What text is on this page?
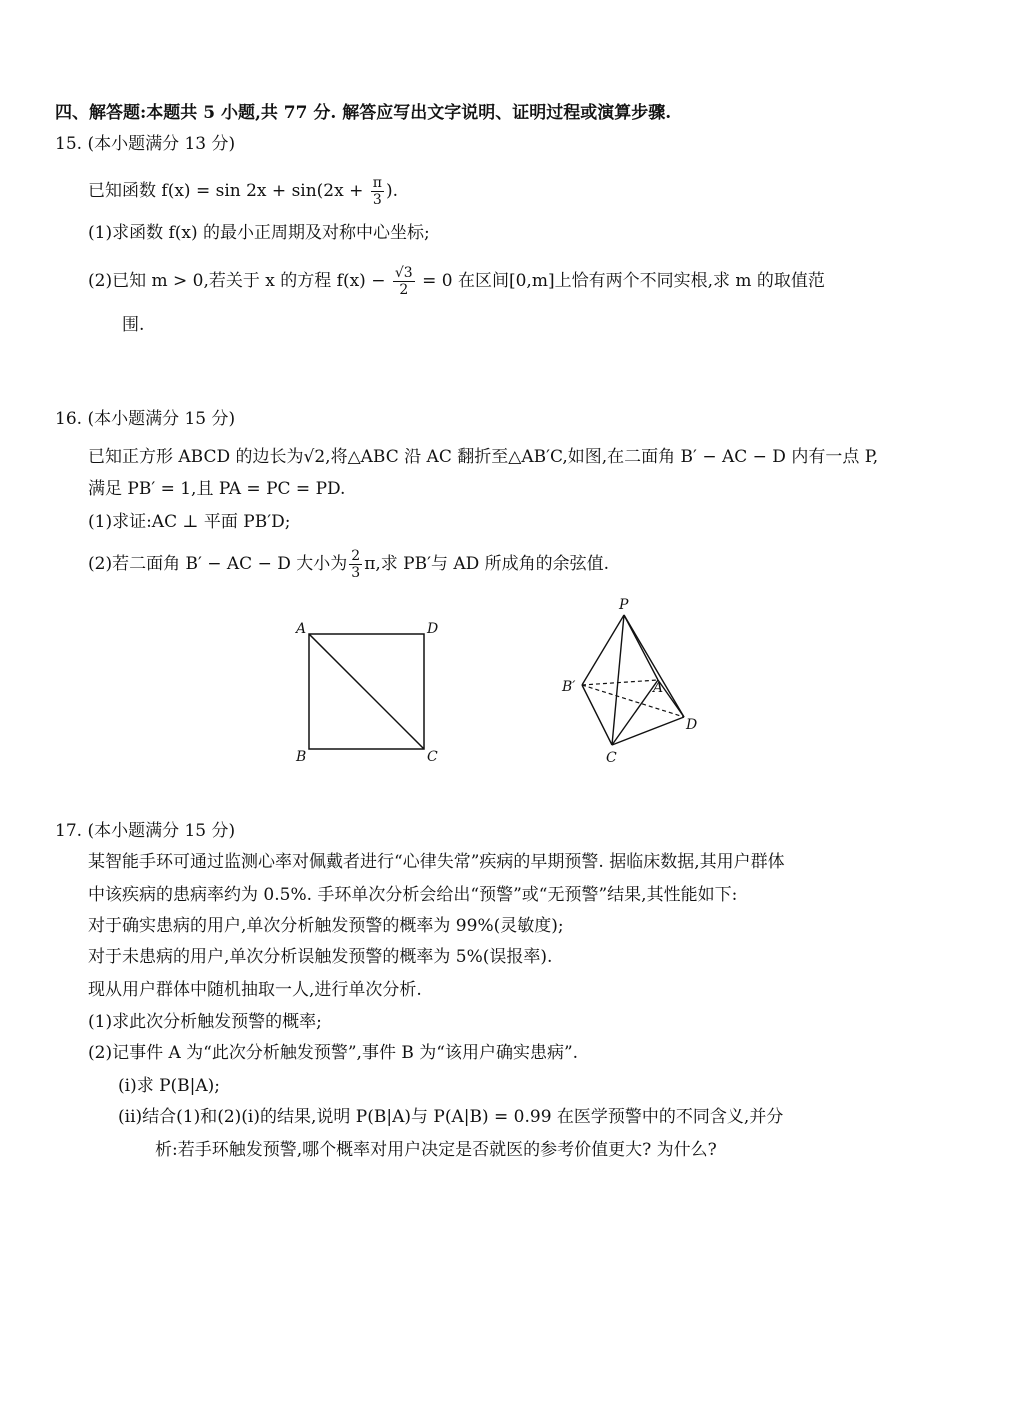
四、解答题:本题共 5 小题,共 77 分. 解答应写出文字说明、证明过程或演算步骤.
15. (本小题满分 13 分)
已知函数 $f(x) = \sin 2x + \sin(2x + \frac{\pi}{3}$ ).
(1)求函数 f(x) 的最小正周期及对称中心坐标;
(2)已知 m > 0,若关于 x 的方程 $f(x) - \frac{√3}{2} = 0$ 在区间[0,m]上恰有两个不同实根,求 m 的取值范
围.
16. (本小题满分 15 分)
已知正方形 ABCD 的边长为√2,将△ABC 沿 AC 翻折至△AB′C,如图,在二面角 B′ − AC − D 内有一点 P,
满足 PB′ = 1,且 PA = PC = PD.
(1)求证:AC ⊥ 平面 PB′D;
(2)若二面角 B′ − AC − D 大小为 $\frac{2}{3} \pi$,求 PB′与 AD 所成角的余弦值.
A	D
B	C
P
B′	A
D
C
17. (本小题满分 15 分)
某智能手环可通过监测心率对佩戴者进行“心律失常”疾病的早期预警. 据临床数据,其用户群体
中该疾病的患病率约为 0.5%. 手环单次分析会给出“预警”或“无预警”结果,其性能如下:
对于确实患病的用户,单次分析触发预警的概率为 99%(灵敏度);
对于未患病的用户,单次分析误触发预警的概率为 5%(误报率).
现从用户群体中随机抽取一人,进行单次分析.
(1)求此次分析触发预警的概率;
(2)记事件 A 为“此次分析触发预警”,事件 B 为“该用户确实患病”.
(i)求 P(B|A);
(ii)结合(1)和(2)(i)的结果,说明 P(B|A)与 P(A|B) = 0.99 在医学预警中的不同含义,并分
析:若手环触发预警,哪个概率对用户决定是否就医的参考价值更大? 为什么?
